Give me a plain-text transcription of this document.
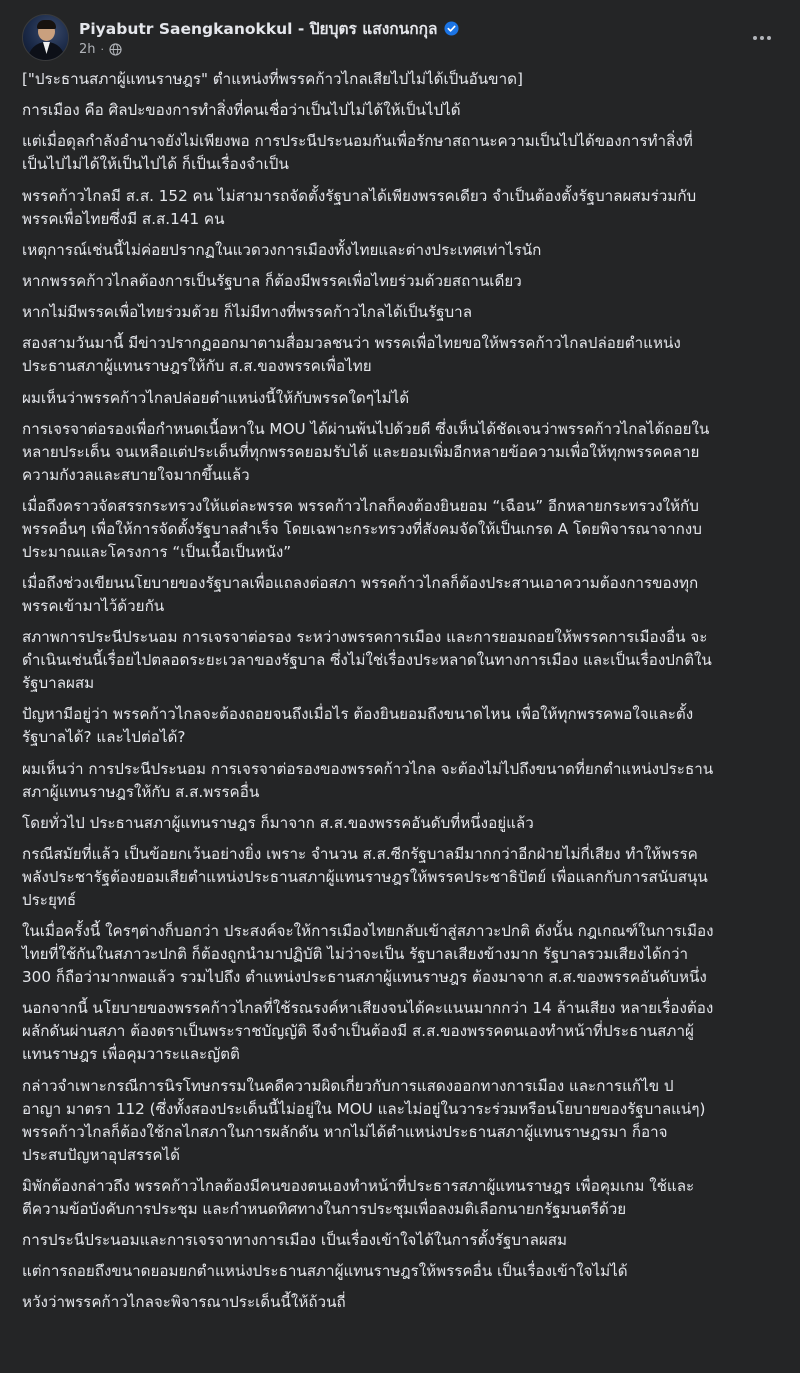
Piyabutr Saengkanokkul - ปิยบุตร แสงกนกกุล
2h ·

["ประธานสภาผู้แทนราษฎร" ตำแหน่งที่พรรคก้าวไกลเสียไปไม่ได้เป็นอันขาด]

การเมือง คือ ศิลปะของการทำสิ่งที่คนเชื่อว่าเป็นไปไม่ได้ให้เป็นไปได้

แต่เมื่อดุลกำลังอำนาจยังไม่เพียงพอ การประนีประนอมกันเพื่อรักษาสถานะความเป็นไปได้ของการทำสิ่งที่
เป็นไปไม่ได้ให้เป็นไปได้ ก็เป็นเรื่องจำเป็น

พรรคก้าวไกลมี ส.ส. 152 คน ไม่สามารถจัดตั้งรัฐบาลได้เพียงพรรคเดียว จำเป็นต้องตั้งรัฐบาลผสมร่วมกับ
พรรคเพื่อไทยซึ่งมี ส.ส.141 คน

เหตุการณ์เช่นนี้ไม่ค่อยปรากฏในแวดวงการเมืองทั้งไทยและต่างประเทศเท่าไรนัก

หากพรรคก้าวไกลต้องการเป็นรัฐบาล ก็ต้องมีพรรคเพื่อไทยร่วมด้วยสถานเดียว

หากไม่มีพรรคเพื่อไทยร่วมด้วย ก็ไม่มีทางที่พรรคก้าวไกลได้เป็นรัฐบาล

สองสามวันมานี้ มีข่าวปรากฏออกมาตามสื่อมวลชนว่า พรรคเพื่อไทยขอให้พรรคก้าวไกลปล่อยตำแหน่ง
ประธานสภาผู้แทนราษฎรให้กับ ส.ส.ของพรรคเพื่อไทย

ผมเห็นว่าพรรคก้าวไกลปล่อยตำแหน่งนี้ให้กับพรรคใดๆไม่ได้

การเจรจาต่อรองเพื่อกำหนดเนื้อหาใน MOU ได้ผ่านพ้นไปด้วยดี ซึ่งเห็นได้ชัดเจนว่าพรรคก้าวไกลได้ถอยใน
หลายประเด็น จนเหลือแต่ประเด็นที่ทุกพรรคยอมรับได้ และยอมเพิ่มอีกหลายข้อความเพื่อให้ทุกพรรคคลาย
ความกังวลและสบายใจมากขึ้นแล้ว

เมื่อถึงคราวจัดสรรกระทรวงให้แต่ละพรรค พรรคก้าวไกลก็คงต้องยินยอม “เฉือน” อีกหลายกระทรวงให้กับ
พรรคอื่นๆ เพื่อให้การจัดตั้งรัฐบาลสำเร็จ โดยเฉพาะกระทรวงที่สังคมจัดให้เป็นเกรด A โดยพิจารณาจากงบ
ประมาณและโครงการ “เป็นเนื้อเป็นหนัง”

เมื่อถึงช่วงเขียนนโยบายของรัฐบาลเพื่อแถลงต่อสภา พรรคก้าวไกลก็ต้องประสานเอาความต้องการของทุก
พรรคเข้ามาไว้ด้วยกัน

สภาพการประนีประนอม การเจรจาต่อรอง ระหว่างพรรคการเมือง และการยอมถอยให้พรรคการเมืองอื่น จะ
ดำเนินเช่นนี้เรื่อยไปตลอดระยะเวลาของรัฐบาล ซึ่งไม่ใช่เรื่องประหลาดในทางการเมือง และเป็นเรื่องปกติใน
รัฐบาลผสม

ปัญหามีอยู่ว่า พรรคก้าวไกลจะต้องถอยจนถึงเมื่อไร ต้องยินยอมถึงขนาดไหน เพื่อให้ทุกพรรคพอใจและตั้ง
รัฐบาลได้? และไปต่อได้?

ผมเห็นว่า การประนีประนอม การเจรจาต่อรองของพรรคก้าวไกล จะต้องไม่ไปถึงขนาดที่ยกตำแหน่งประธาน
สภาผู้แทนราษฎรให้กับ ส.ส.พรรคอื่น

โดยทั่วไป ประธานสภาผู้แทนราษฎร ก็มาจาก ส.ส.ของพรรคอันดับที่หนึ่งอยู่แล้ว

กรณีสมัยที่แล้ว เป็นข้อยกเว้นอย่างยิ่ง เพราะ จำนวน ส.ส.ซีกรัฐบาลมีมากกว่าอีกฝ่ายไม่กี่เสียง ทำให้พรรค
พลังประชารัฐต้องยอมเสียตำแหน่งประธานสภาผู้แทนราษฎรให้พรรคประชาธิปัตย์ เพื่อแลกกับการสนับสนุน
ประยุทธ์

ในเมื่อครั้งนี้ ใครๆต่างก็บอกว่า ประสงค์จะให้การเมืองไทยกลับเข้าสู่สภาวะปกติ ดังนั้น กฎเกณฑ์ในการเมือง
ไทยที่ใช้กันในสภาวะปกติ ก็ต้องถูกนำมาปฏิบัติ ไม่ว่าจะเป็น รัฐบาลเสียงข้างมาก รัฐบาลรวมเสียงได้กว่า
300 ก็ถือว่ามากพอแล้ว รวมไปถึง ตำแหน่งประธานสภาผู้แทนราษฎร ต้องมาจาก ส.ส.ของพรรคอันดับหนึ่ง

นอกจากนี้ นโยบายของพรรคก้าวไกลที่ใช้รณรงค์หาเสียงจนได้คะแนนมากกว่า 14 ล้านเสียง หลายเรื่องต้อง
ผลักดันผ่านสภา ต้องตราเป็นพระราชบัญญัติ จึงจำเป็นต้องมี ส.ส.ของพรรคตนเองทำหน้าที่ประธานสภาผู้
แทนราษฎร เพื่อคุมวาระและญัตติ

กล่าวจำเพาะกรณีการนิรโทษกรรมในคดีความผิดเกี่ยวกับการแสดงออกทางการเมือง และการแก้ไข ป
อาญา มาตรา 112 (ซึ่งทั้งสองประเด็นนี้ไม่อยู่ใน MOU และไม่อยู่ในวาระร่วมหรือนโยบายของรัฐบาลแน่ๆ)
พรรคก้าวไกลก็ต้องใช้กลไกสภาในการผลักดัน หากไม่ได้ตำแหน่งประธานสภาผู้แทนราษฎรมา ก็อาจ
ประสบปัญหาอุปสรรคได้

มิพักต้องกล่าวถึง พรรคก้าวไกลต้องมีคนของตนเองทำหน้าที่ประธารสภาผู้แทนราษฎร เพื่อคุมเกม ใช้และ
ตีความข้อบังคับการประชุม และกำหนดทิศทางในการประชุมเพื่อลงมติเลือกนายกรัฐมนตรีด้วย

การประนีประนอมและการเจรจาทางการเมือง เป็นเรื่องเข้าใจได้ในการตั้งรัฐบาลผสม

แต่การถอยถึงขนาดยอมยกตำแหน่งประธานสภาผู้แทนราษฎรให้พรรคอื่น เป็นเรื่องเข้าใจไม่ได้

หวังว่าพรรคก้าวไกลจะพิจารณาประเด็นนี้ให้ถ้วนถี่
